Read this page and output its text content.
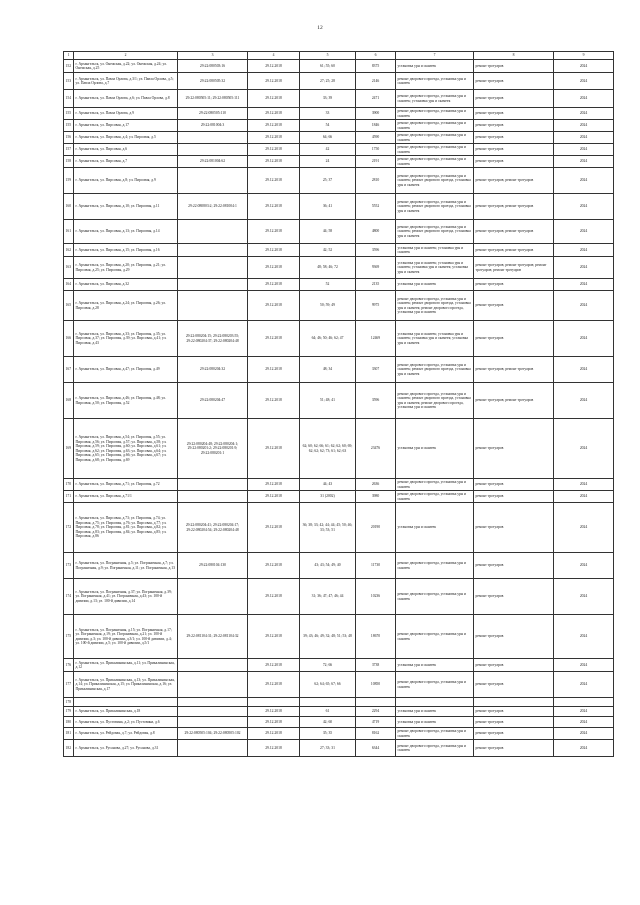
12
1	2	3	4	5	6	7	8	9
152	г. Архангельск, ул. Онежская, д.22; ул. Онежская, д.24; ул. Онежская, д.25	29:22:080503:16	29.12.2018	61; 55; 60	8375	установка урн и скамеек	ремонт тротуаров	2024
153	г. Архангельск, ул. Павла Орлова, д.3/1; ул. Павла Орлова, д.5; ул. Павла Орлова, д.7	29:22:080505:32	29.12.2018	27; 25; 28	2146	ремонт дворового проезда, установка урн и скамеек	ремонт тротуаров	2024
154	г. Архангельск, ул. Павла Орлова, д.6; ул. Павла Орлова, д.8	29:22:080505:11; 29:22:080505:111	29.12.2018	33; 39	2471	ремонт дворового проезда, установка урн и скамеек; установка урн и скамеек	ремонт тротуаров	2024
155	г. Архангельск, ул. Павла Орлова, д.9	29:22:080505:110	29.12.2018	33	3900	ремонт дворового проезда, установка урн и скамеек	ремонт тротуаров	2024
155	г. Архангельск, ул. Пирсовая, д.17	29:22:081004:3	29.12.2018	54	1846	ремонт дворового проезда, установка урн и скамеек	ремонт тротуаров	2024
156	г. Архангельск, ул. Пирсовая, д.4; ул. Пирсовая, д.5		29.12.2018	64; 66	4590	ремонт дворового проезда, установка урн и скамеек	ремонт тротуаров	2024
157	г. Архангельск, ул. Пирсовая, д.6		29.12.2018	42	1750	ремонт дворового проезда, установка урн и скамеек	ремонт тротуаров	2024
158	г. Архангельск, ул. Пирсовая, д.7	29:22:081004:62	29.12.2018	24	2191	ремонт дворового проезда, установка урн и скамеек	ремонт тротуаров	2024
159	г. Архангельск, ул. Пирсовая, д.8; ул. Пирсовая, д.9		29.12.2018	25; 37	2810	ремонт дворового проезда, установка урн и скамеек; ремонт дворового проезда, установка урн и скамеек	ремонт тротуаров; ремонт тротуаров	2024
160	г. Архангельск, ул. Пирсовая, д.10; ул. Пирсовая, д.11	29:22:080803:2; 29:22:081004:1	29.12.2018	36; 41	5552	ремонт дворового проезда, установка урн и скамеек; ремонт дворового проезда, установка урн и скамеек	ремонт тротуаров; ремонт тротуаров	2024
161	г. Архангельск, ул. Пирсовая, д.13; ул. Пирсовая, д.14		29.12.2018	44; 58	4800	ремонт дворового проезда, установка урн и скамеек; ремонт дворового проезда, установка урн и скамеек	ремонт тротуаров; ремонт тротуаров	2024
162	г. Архангельск, ул. Пирсовая, д.15; ул. Пирсовая, д.16		29.12.2018	42; 52	3596	установка урн и скамеек; установка урн и скамеек	ремонт тротуаров; ремонт тротуаров	2024
163	г. Архангельск, ул. Пирсовая, д.20; ул. Пирсовая, д.21; ул. Пирсовая, д.25; ул. Пирсовая, д.29		29.12.2018	48; 58; 46; 72	9369	установка урн и скамеек; установка урн и скамеек; установка урн и скамеек; установка урн и скамеек	ремонт тротуаров; ремонт тротуаров; ремонт тротуаров; ремонт тротуаров	2024
164	г. Архангельск, ул. Пирсовая, д.32		29.12.2018	52	2135	установка урн и скамеек	ремонт тротуаров	2024
165	г. Архангельск, ул. Пирсовая, д.24; ул. Пирсовая, д.26; ул. Пирсовая, д.28		29.12.2018	50; 59; 49	9975	ремонт дворового проезда, установка урн и скамеек; ремонт дворового проезда, установка урн и скамеек; ремонт дворового проезда, установка урн и скамеек	ремонт тротуаров	2024
166	г. Архангельск, ул. Пирсовая, д.33; ул. Пирсовая, д.35; ул. Пирсовая, д.37; ул. Пирсовая, д.39; ул. Пирсовая, д.41; ул. Пирсовая, д.43	29:22:080204:15; 29:22:080203:55; 29:22:080204:37; 29:22:080204:48	29.12.2018	64; 46; 50; 46; 62; 47	12469	установка урн и скамеек; установка урн и скамеек; установка урн и скамеек; установка урн и скамеек	ремонт тротуаров	2024
167	г. Архангельск, ул. Пирсовая, д.47; ул. Пирсовая, д.49	29:22:080204:32	29.12.2018	48; 34	3307	ремонт дворового проезда, установка урн и скамеек; ремонт дворового проезда, установка урн и скамеек	ремонт тротуаров; ремонт тротуаров	2024
168	г. Архангельск, ул. Пирсовая, д.46; ул. Пирсовая, д.48; ул. Пирсовая, д.50; ул. Пирсовая, д.52	29:22:080204:47	29.12.2018	51; 48; 41	3596	ремонт дворового проезда, установка урн и скамеек; ремонт дворового проезда, установка урн и скамеек; ремонт дворового проезда, установка урн и скамеек	ремонт тротуаров; ремонт тротуаров	2024
169	г. Архангельск, ул. Пирсовая, д.54; ул. Пирсовая, д.55; ул. Пирсовая, д.56; ул. Пирсовая, д.57; ул. Пирсовая, д.58; ул. Пирсовая, д.59; ул. Пирсовая, д.60; ул. Пирсовая, д.61; ул. Пирсовая, д.62; ул. Пирсовая, д.63; ул. Пирсовая, д.64; ул. Пирсовая, д.65; ул. Пирсовая, д.66; ул. Пирсовая, д.67; ул. Пирсовая, д.68; ул. Пирсовая, д.69	29:22:080204:48; 29:22:080204:1; 29:22:080201:2; 29:22:080201:9; 29:22:080201:1	29.12.2018	62; 60; 62; 66; 61; 62; 62; 60; 69; 62; 62; 62; 73; 61; 62; 63	23476	установка урн и скамеек	ремонт тротуаров	2024
170	г. Архангельск, ул. Пирсовая, д.71; ул. Пирсовая, д.72		29.12.2018	44; 43	2636	ремонт дворового проезда, установка урн и скамеек	ремонт тротуаров	2024
171	г. Архангельск, ул. Пирсовая, д.71/1		29.12.2018	31 (2002)	3980	ремонт дворового проезда, установка урн и скамеек	ремонт тротуаров	2024
172	г. Архангельск, ул. Пирсовая, д.73; ул. Пирсовая, д.74; ул. Пирсовая, д.75; ул. Пирсовая, д.76; ул. Пирсовая, д.77; ул. Пирсовая, д.78; ул. Пирсовая, д.81; ул. Пирсовая, д.82; ул. Пирсовая, д.83; ул. Пирсовая, д.84; ул. Пирсовая, д.85; ул. Пирсовая, д.86	29:22:080204:41; 29:22:080204:17; 29:22:080204:54; 29:22:080204:48	29.12.2018	36; 38; 33; 42; 44; 44; 45; 50; 46; 33; 53; 51	20190	установка урн и скамеек	ремонт тротуаров	2024
173	г. Архангельск, ул. Пограничная, д.5; ул. Пограничная, д.7; ул. Пограничная, д.9; ул. Пограничная, д.11; ул. Пограничная, д.13	29:22:080104:130	29.12.2018	43; 43; 54; 49; 40	11730	ремонт дворового проезда, установка урн и скамеек	ремонт тротуаров	2024
174	г. Архангельск, ул. Пограничная, д.37; ул. Пограничная, д.39; ул. Пограничная, д.41; ул. Пограничная, д.43; ул. 100-й дивизии, д.13; ул. 100-й дивизии, д.14		29.12.2018	31; 36; 47; 47; 46; 44	10236	ремонт дворового проезда, установка урн и скамеек	ремонт тротуаров	2024
175	г. Архангельск, ул. Пограничная, д.15; ул. Пограничная, д.17; ул. Пограничная, д.19; ул. Пограничная, д.21; ул. 100-й дивизии, д.3; ул. 100-й дивизии, д.3/1; ул. 100-й дивизии, д.4; ул. 100-й дивизии, д.5; ул. 100-й дивизии, д.5/1	29:22:081104:31; 29:22:081104:32	29.12.2018	39; 43; 46; 49; 32; 48; 51; 53; 48	18670	ремонт дворового проезда, установка урн и скамеек	ремонт тротуаров	2024
176	г. Архангельск, ул. Прикалининская, д.11; ул. Прикалининская, д.12		29.12.2018	72; 66	3738	установка урн и скамеек	ремонт тротуаров	2024
177	г. Архангельск, ул. Прикалининская, д.13; ул. Прикалининская, д.14; ул. Прикалининская, д.15; ул. Прикалининская, д.16; ул. Прикалининская, д.17		29.12.2018	62; 64; 65; 67; 66	10850	ремонт дворового проезда, установка урн и скамеек	ремонт тротуаров	2024
178								
179	г. Архангельск, ул. Прикалининская, д.18		29.12.2018	61	2294	установка урн и скамеек	ремонт тротуаров	2024
180	г. Архангельск, ул. Пустовина, д.2; ул. Пустовина, д.6		29.12.2018	42; 60	4719	установка урн и скамеек	ремонт тротуаров	2024
181	г. Архангельск, ул. Рейдовая, д.7; ул. Рейдовая, д.8	29:22:080505:104; 29:22:080505:102	29.12.2018	35; 35	8162	ремонт дворового проезда, установка урн и скамеек	ремонт тротуаров	2024
182	г. Архангельск, ул. Русанова, д.27; ул. Русанова, д.31		29.12.2018	27; 33; 31	6344	ремонт дворового проезда, установка урн и скамеек	ремонт тротуаров	2024
